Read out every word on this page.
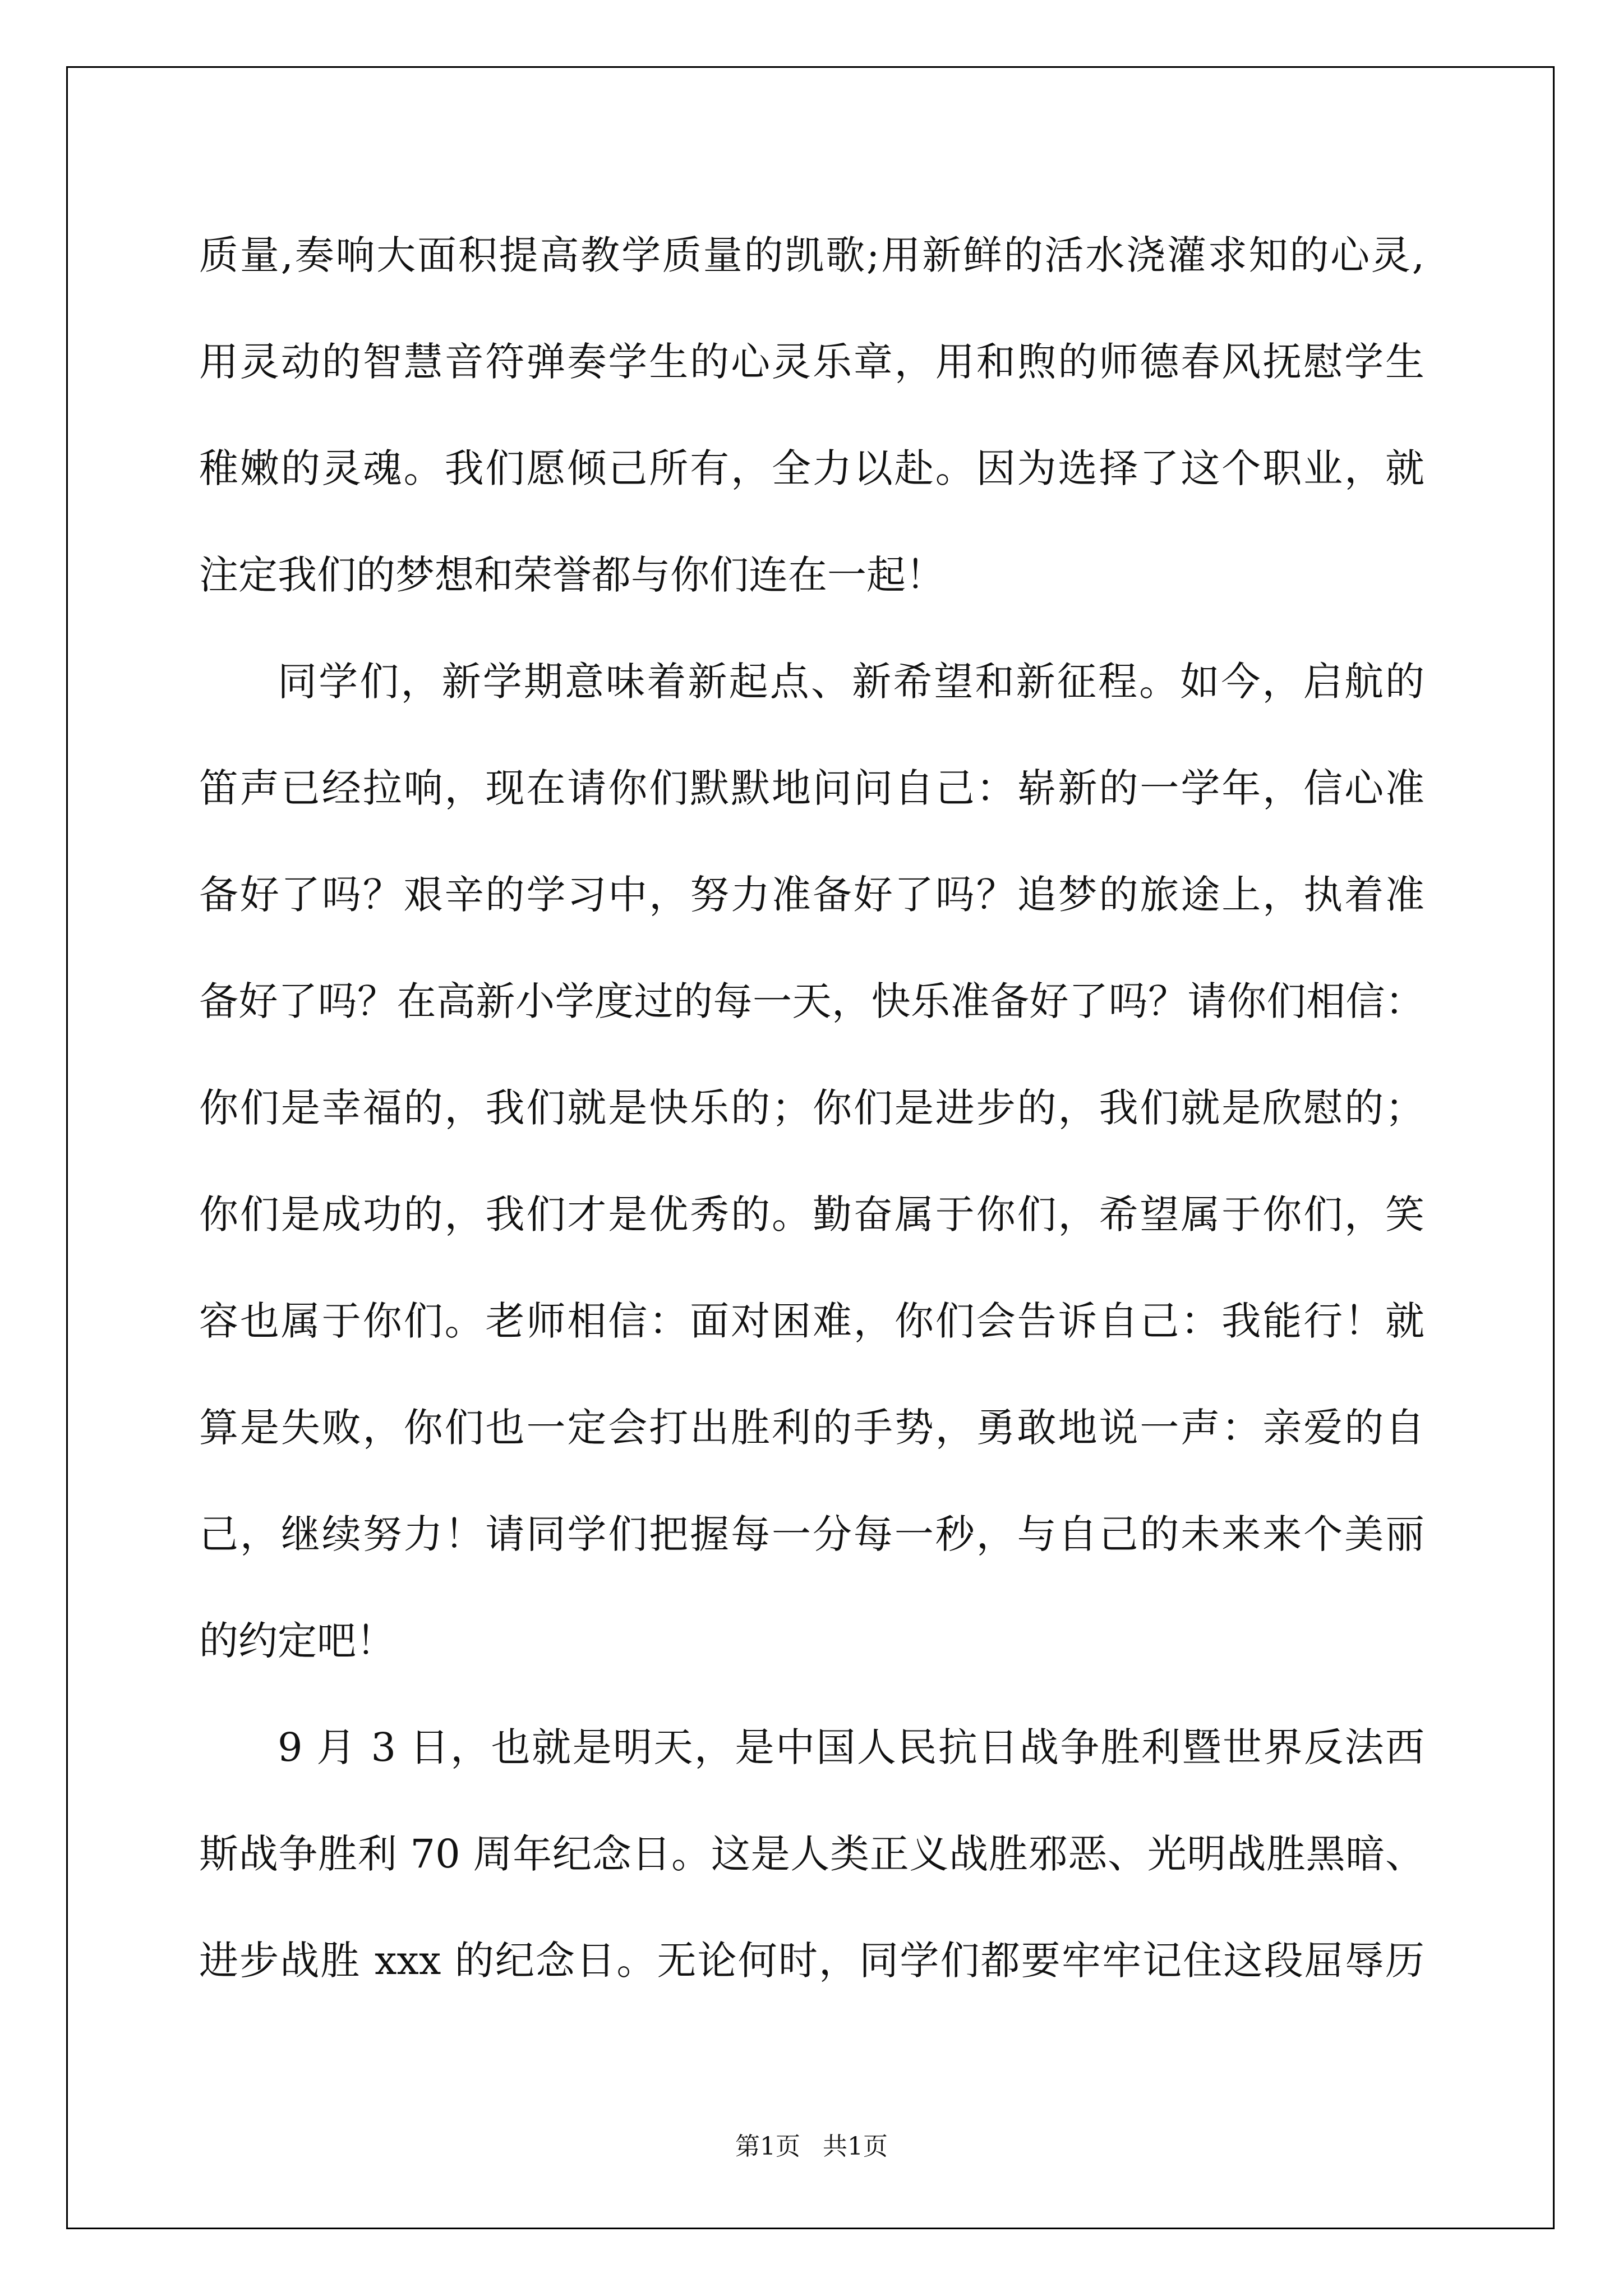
质量,奏响大面积提高教学质量的凯歌;用新鲜的活水浇灌求知的心灵,
用灵动的智慧音符弹奏学生的心灵乐章，用和煦的师德春风抚慰学生
稚嫩的灵魂。我们愿倾己所有，全力以赴。因为选择了这个职业，就
注定我们的梦想和荣誉都与你们连在一起！
同学们，新学期意味着新起点、新希望和新征程。如今，启航的
笛声已经拉响，现在请你们默默地问问自己：崭新的一学年，信心准
备好了吗？艰辛的学习中，努力准备好了吗？追梦的旅途上，执着准
备好了吗？在高新小学度过的每一天，快乐准备好了吗？请你们相信：
你们是幸福的，我们就是快乐的；你们是进步的，我们就是欣慰的；
你们是成功的，我们才是优秀的。勤奋属于你们，希望属于你们，笑
容也属于你们。老师相信：面对困难，你们会告诉自己：我能行！就
算是失败，你们也一定会打出胜利的手势，勇敢地说一声：亲爱的自
己，继续努力！请同学们把握每一分每一秒，与自己的未来来个美丽
的约定吧！
9 月 3 日，也就是明天，是中国人民抗日战争胜利暨世界反法西
斯战争胜利 70 周年纪念日。这是人类正义战胜邪恶、光明战胜黑暗、
进步战胜 xxx 的纪念日。无论何时，同学们都要牢牢记住这段屈辱历
第1页 共1页
